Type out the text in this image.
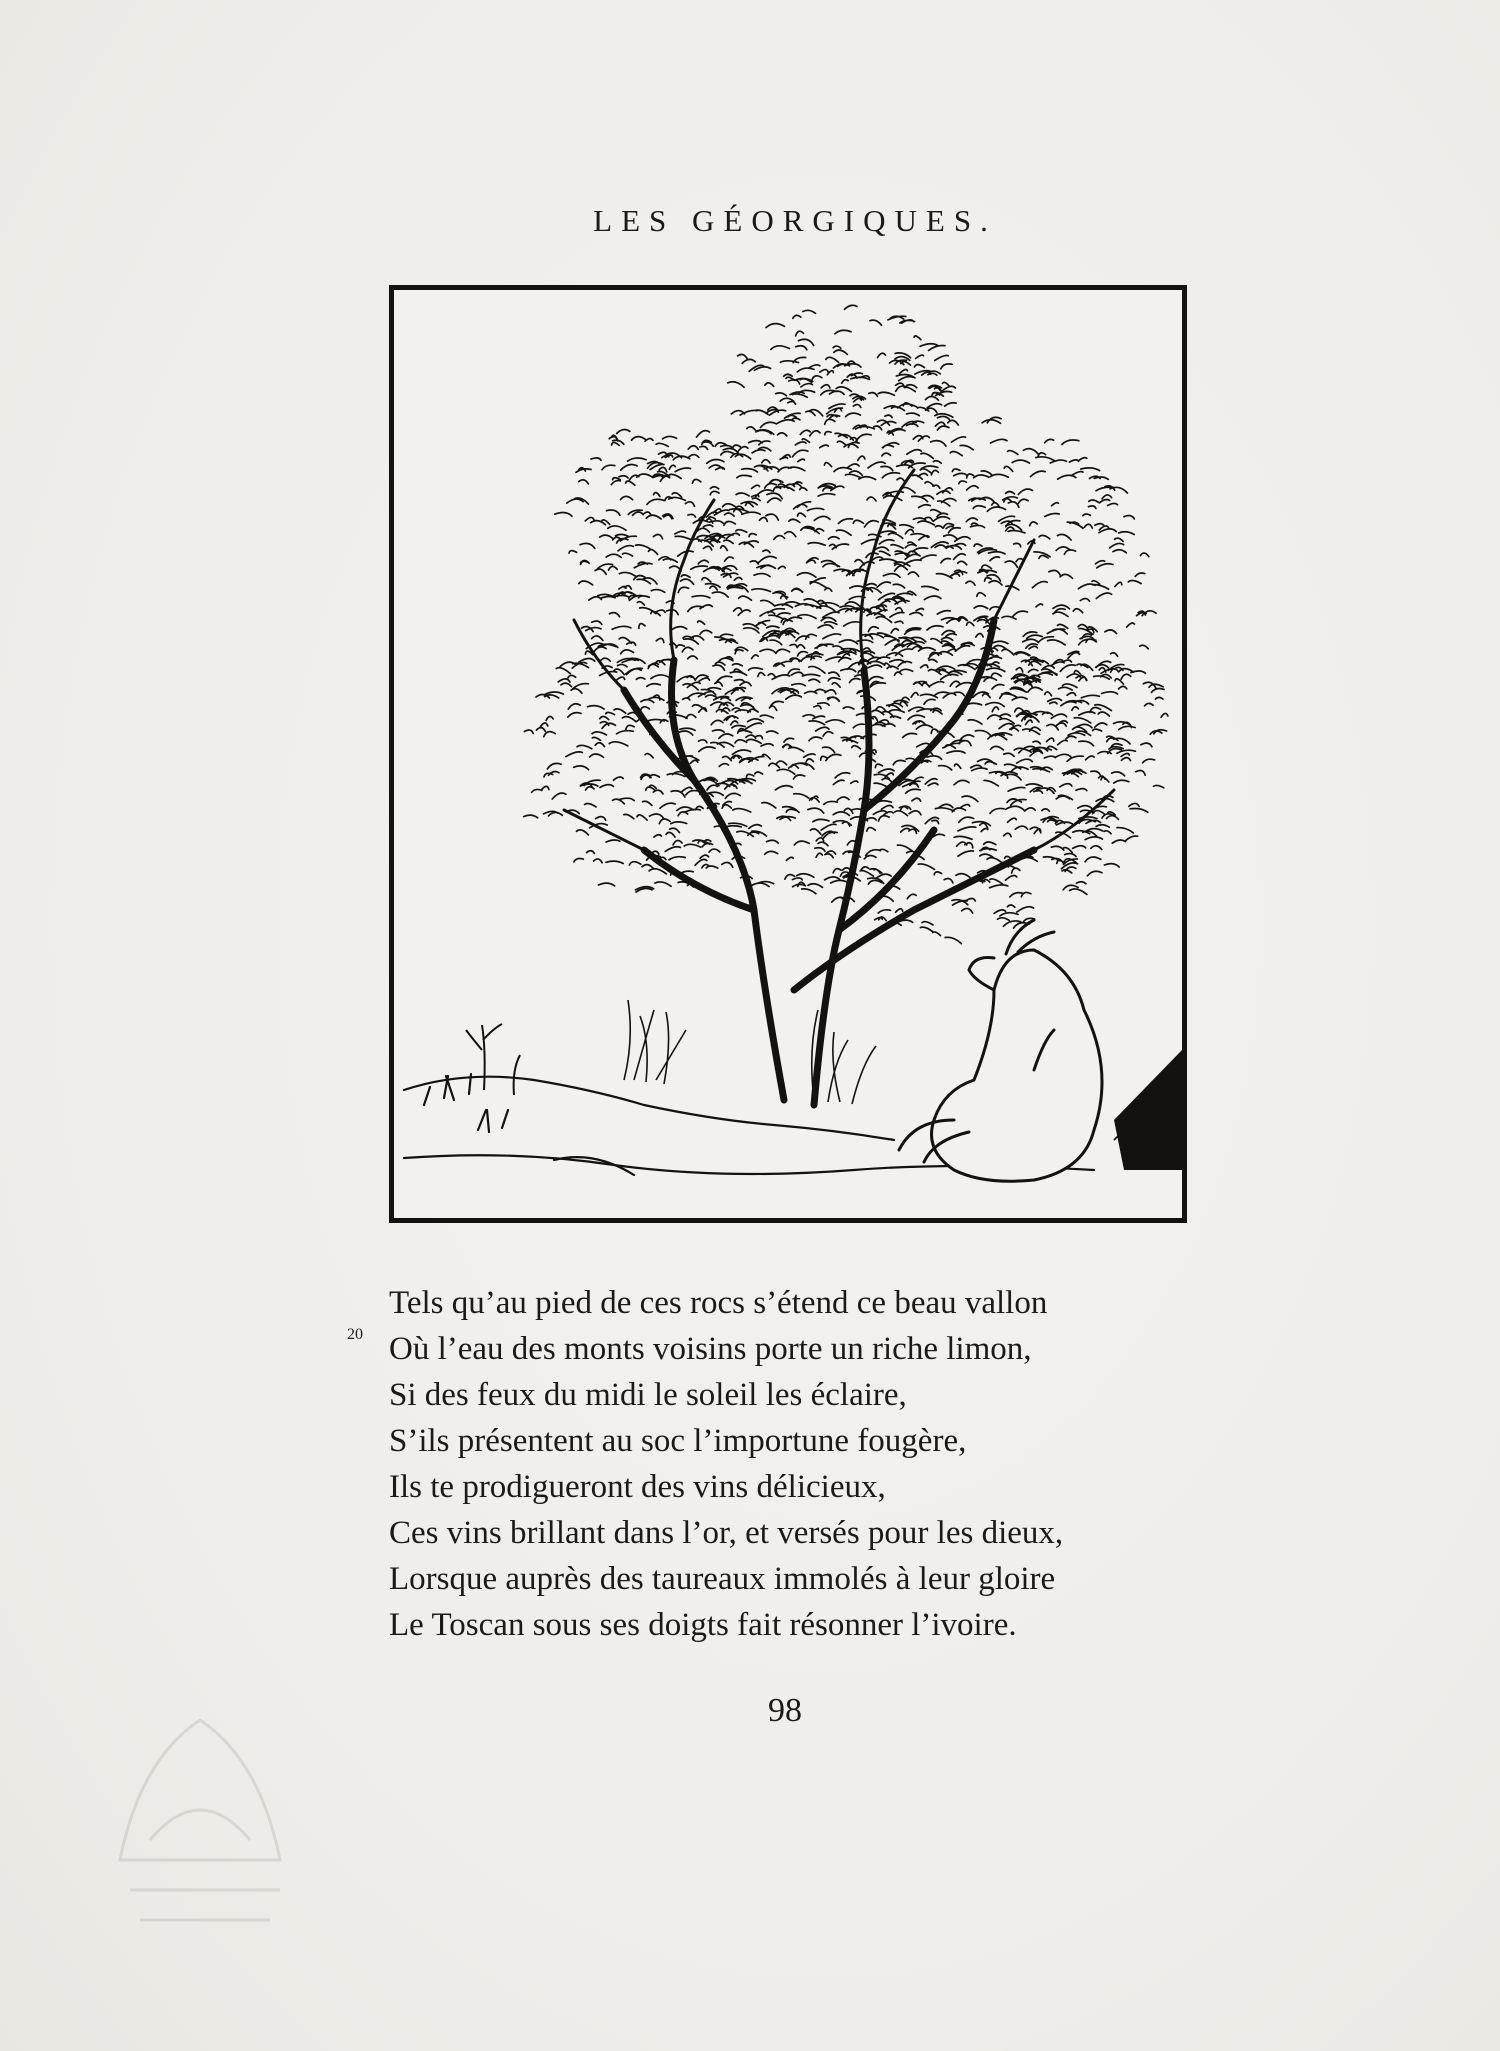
LES GÉORGIQUES.
20
Tels qu’au pied de ces rocs s’étend ce beau vallon
Où l’eau des monts voisins porte un riche limon,
Si des feux du midi le soleil les éclaire,
S’ils présentent au soc l’importune fougère,
Ils te prodigueront des vins délicieux,
Ces vins brillant dans l’or, et versés pour les dieux,
Lorsque auprès des taureaux immolés à leur gloire
Le Toscan sous ses doigts fait résonner l’ivoire.
98
